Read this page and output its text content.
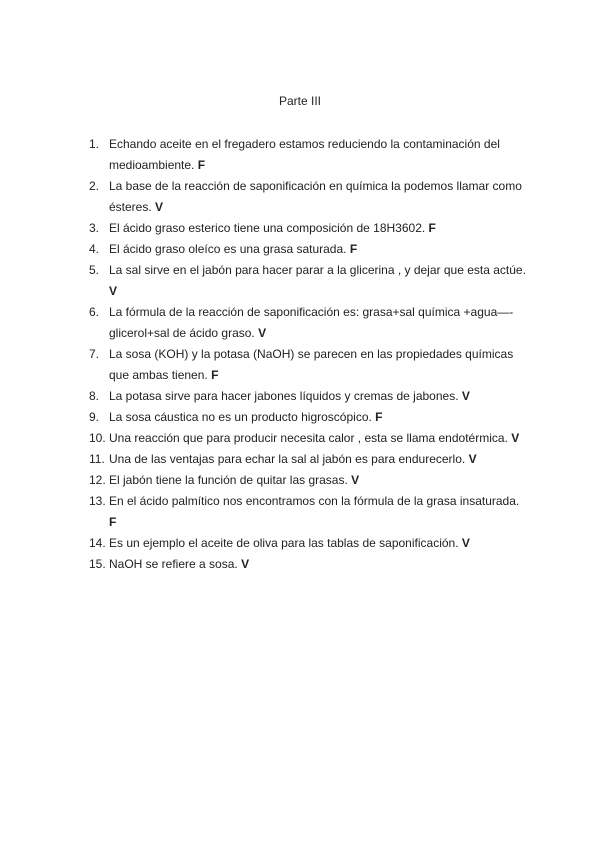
Parte III
1. Echando aceite en el fregadero estamos reduciendo la contaminación del medioambiente. F
2. La base de la reacción de saponificación en química la podemos llamar como ésteres. V
3. El ácido graso esterico tiene una composición de 18H3602. F
4. El ácido graso oleíco es una grasa saturada. F
5. La sal sirve en el jabón para hacer parar a la glicerina , y dejar que esta actúe. V
6. La fórmula de la reacción de saponificación es: grasa+sal química +agua—-glicerol+sal de ácido graso. V
7. La sosa (KOH) y la potasa (NaOH) se parecen en las propiedades químicas que ambas tienen. F
8. La potasa sirve para hacer jabones líquidos y cremas de jabones. V
9. La sosa cáustica no es un producto higroscópico. F
10. Una reacción que para producir necesita calor , esta se llama endotérmica. V
11. Una de las ventajas para echar la sal al jabón es para endurecerlo. V
12. El jabón tiene la función de quitar las grasas. V
13. En el ácido palmítico nos encontramos con la fórmula de la grasa insaturada. F
14. Es un ejemplo el aceite de oliva para las tablas de saponificación. V
15. NaOH se refiere a sosa. V
